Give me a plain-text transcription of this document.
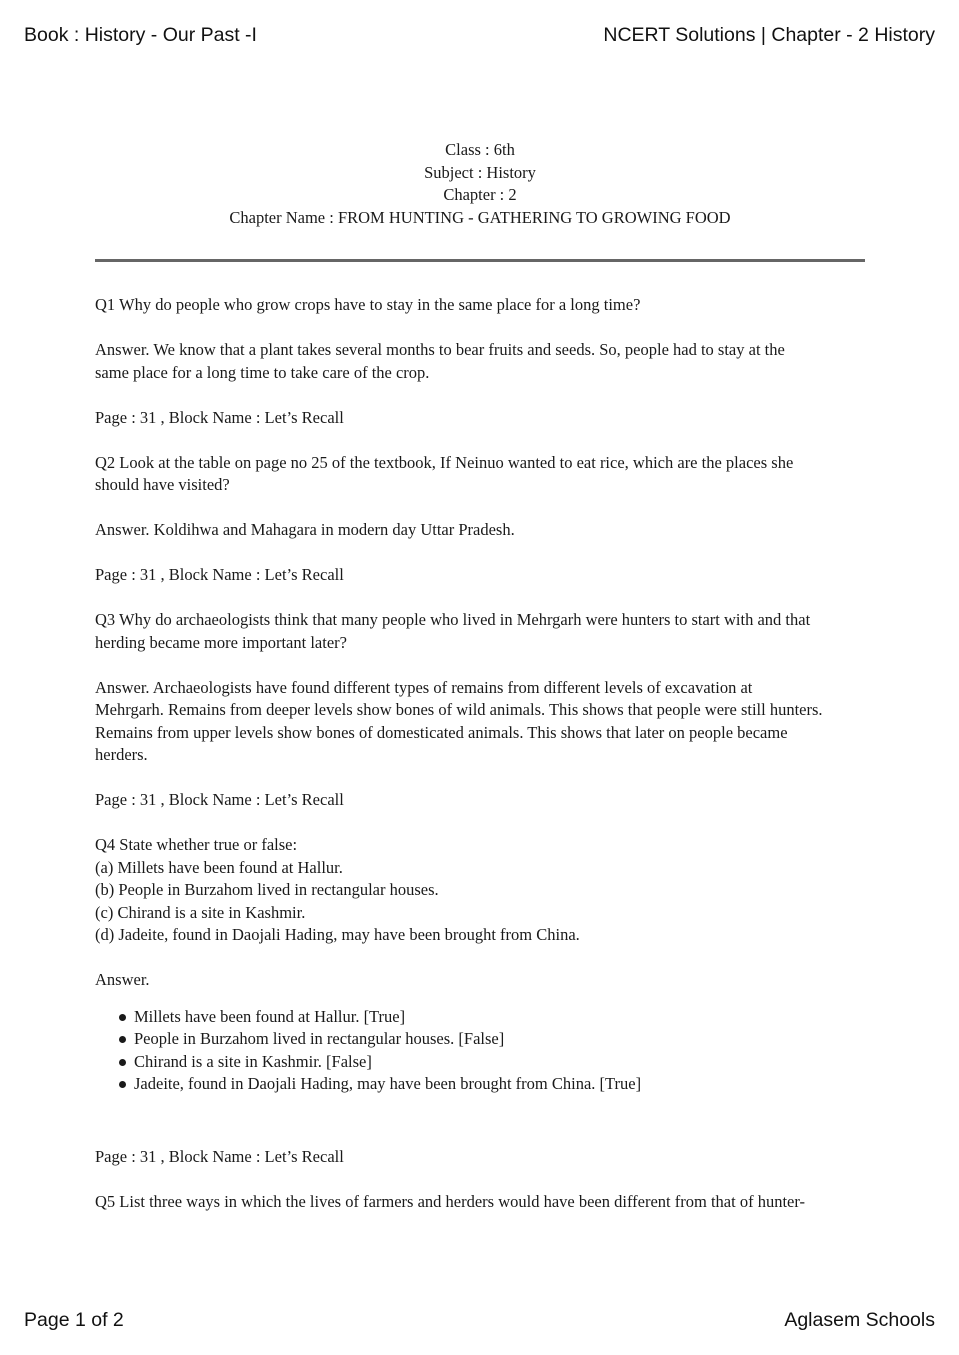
Book : History - Our Past -I	NCERT Solutions | Chapter - 2 History
Class : 6th
Subject : History
Chapter : 2
Chapter Name : FROM HUNTING - GATHERING TO GROWING FOOD

Q1 Why do people who grow crops have to stay in the same place for a long time?

Answer. We know that a plant takes several months to bear fruits and seeds. So, people had to stay at the
same place for a long time to take care of the crop.

Page : 31 , Block Name : Let’s Recall

Q2 Look at the table on page no 25 of the textbook, If Neinuo wanted to eat rice, which are the places she
should have visited?

Answer. Koldihwa and Mahagara in modern day Uttar Pradesh.

Page : 31 , Block Name : Let’s Recall

Q3 Why do archaeologists think that many people who lived in Mehrgarh were hunters to start with and that
herding became more important later?

Answer. Archaeologists have found different types of remains from different levels of excavation at
Mehrgarh. Remains from deeper levels show bones of wild animals. This shows that people were still hunters.
Remains from upper levels show bones of domesticated animals. This shows that later on people became
herders.

Page : 31 , Block Name : Let’s Recall

Q4 State whether true or false:
(a) Millets have been found at Hallur.
(b) People in Burzahom lived in rectangular houses.
(c) Chirand is a site in Kashmir.
(d) Jadeite, found in Daojali Hading, may have been brought from China.

Answer.
Millets have been found at Hallur. [True]
People in Burzahom lived in rectangular houses. [False]
Chirand is a site in Kashmir. [False]
Jadeite, found in Daojali Hading, may have been brought from China. [True]

Page : 31 , Block Name : Let’s Recall

Q5 List three ways in which the lives of farmers and herders would have been different from that of hunter-

Page 1 of 2	Aglasem Schools
